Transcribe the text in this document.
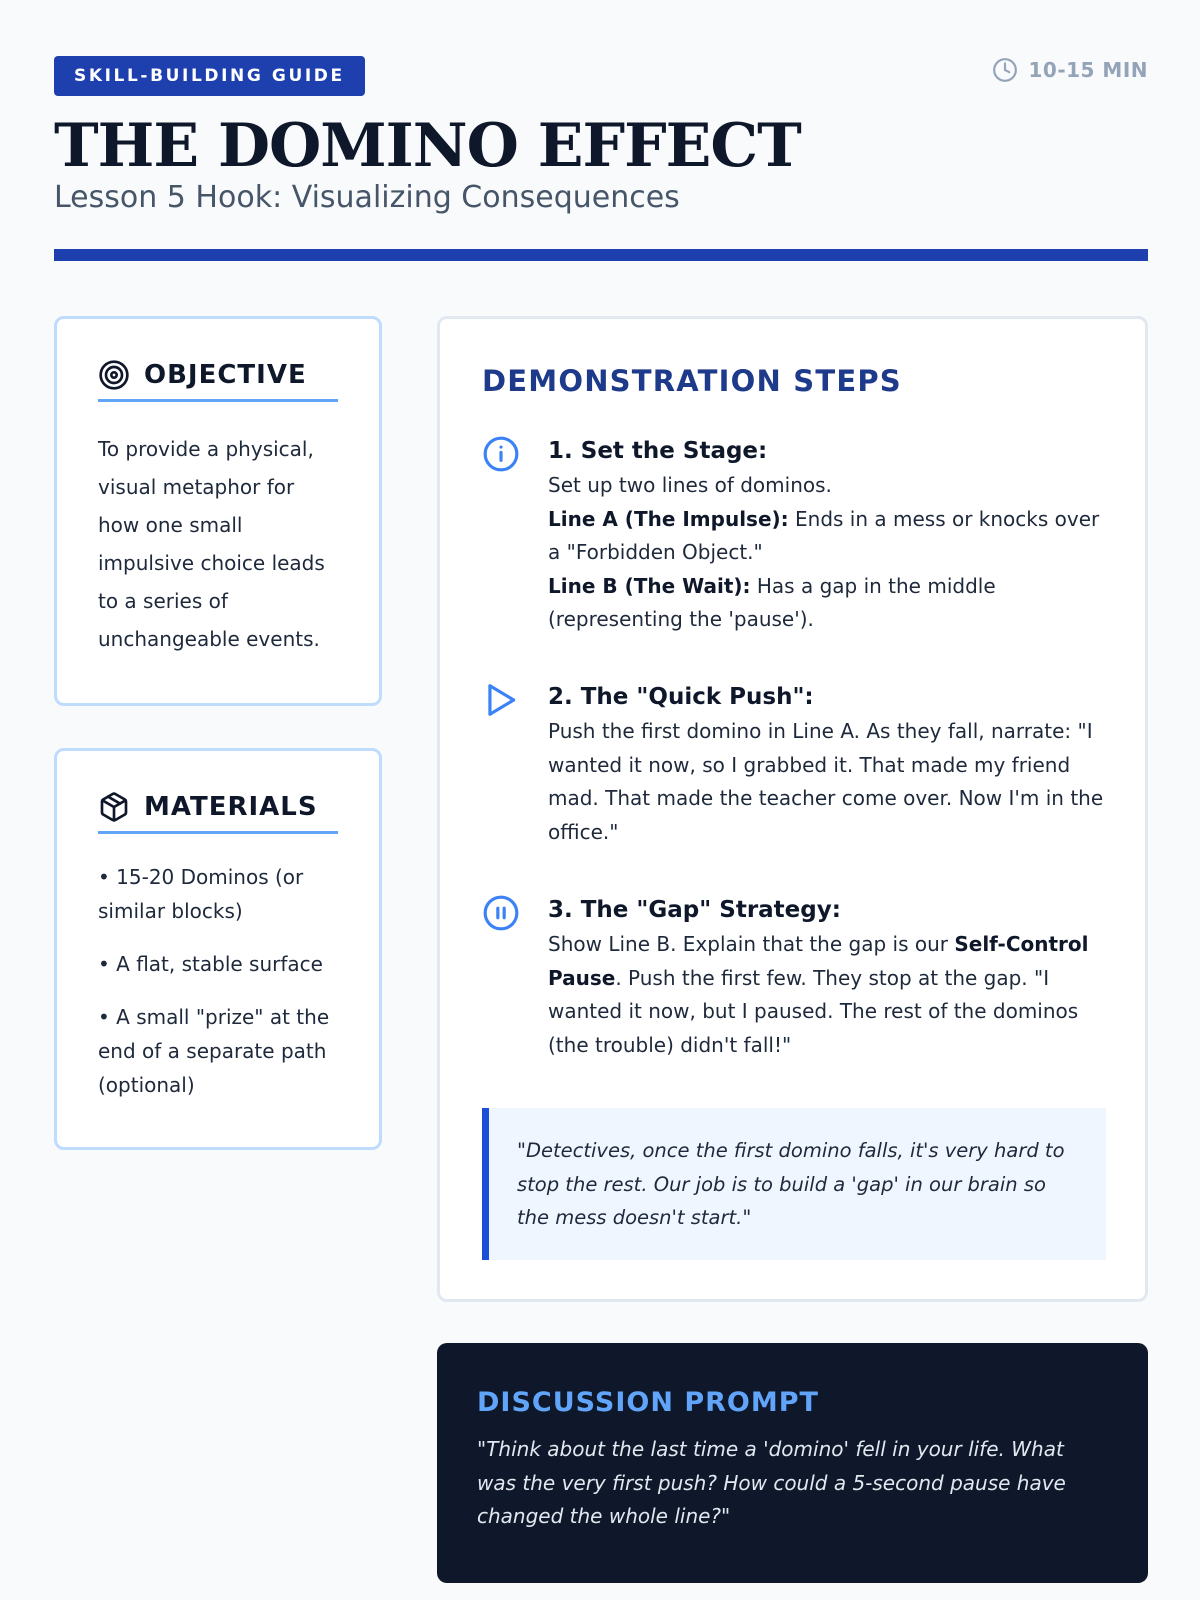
SKILL-BUILDING GUIDE	10-15 MIN
THE DOMINO EFFECT
Lesson 5 Hook: Visualizing Consequences
OBJECTIVE

To provide a physical, visual metaphor for how one small impulsive choice leads to a series of unchangeable events.

MATERIALS
• 15-20 Dominos (or similar blocks)
• A flat, stable surface
• A small "prize" at the end of a separate path (optional)
DEMONSTRATION STEPS
1. Set the Stage:

Set up two lines of dominos.
Line A (The Impulse): Ends in a mess or knocks over a "Forbidden Object."
Line B (The Wait): Has a gap in the middle (representing the 'pause').

2. The "Quick Push":

Push the first domino in Line A. As they fall, narrate: "I wanted it now, so I grabbed it. That made my friend mad. That made the teacher come over. Now I'm in the office."

3. The "Gap" Strategy:

Show Line B. Explain that the gap is our Self-Control Pause. Push the first few. They stop at the gap. "I wanted it now, but I paused. The rest of the dominos (the trouble) didn't fall!"

"Detectives, once the first domino falls, it's very hard to stop the rest. Our job is to build a 'gap' in our brain so the mess doesn't start."
DISCUSSION PROMPT

"Think about the last time a 'domino' fell in your life. What was the very first push? How could a 5-second pause have changed the whole line?"
